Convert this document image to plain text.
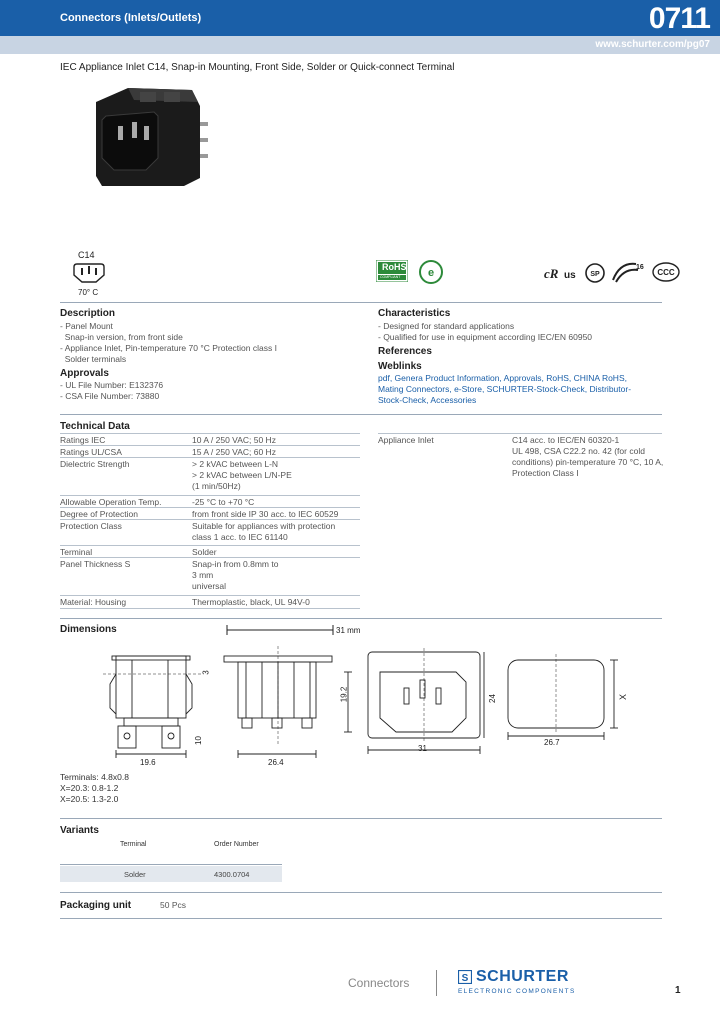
Connectors (Inlets/Outlets)	0711
www.schurter.com/pg07
IEC Appliance Inlet C14, Snap-in Mounting, Front Side, Solder or Quick-connect Terminal
C14
70° C
RoHS
COMPLIANT	e	cR us SP
16
CCC
Description
- Panel Mount
Snap-in version, from front side
- Appliance Inlet, Pin-temperature 70 °C Protection class I
Solder terminals
Approvals
- UL File Number: E132376
- CSA File Number: 73880
Characteristics
- Designed for standard applications
- Qualified for use in equipment according IEC/EN 60950
References
Weblinks
pdf, Genera Product Information, Approvals, RoHS, CHINA RoHS,
Mating Connectors, e-Store, SCHURTER-Stock-Check, Distributor-
Stock-Check, Accessories
Technical Data
Ratings IEC	10 A / 250 VAC; 50 Hz
Ratings UL/CSA	15 A / 250 VAC; 60 Hz
Dielectric Strength	> 2 kVAC between L-N
> 2 kVAC between L/N-PE
(1 min/50Hz)
Allowable Operation Temp.	-25 °C to +70 °C
Degree of Protection	from front side IP 30 acc. to IEC 60529
Protection Class	Suitable for appliances with protection
class 1 acc. to IEC 61140
Terminal	Solder
Panel Thickness S	Snap-in from 0.8mm to
3 mm
universal
Material: Housing	Thermoplastic, black, UL 94V-0
Appliance Inlet	C14 acc. to IEC/EN 60320-1
UL 498, CSA C22.2 no. 42 (for cold
conditions) pin-temperature 70 °C, 10 A,
Protection Class I
Dimensions	31 mm
19.6
3
10
26.4
19.2	24
31
26.7
X
Terminals: 4.8x0.8
X=20.3: 0.8-1.2
X=20.5: 1.3-2.0
Variants
Terminal	Order Number
Solder	4300.0704
Packaging unit	50 Pcs
Connectors	S SCHURTER
ELECTRONIC COMPONENTS	1
